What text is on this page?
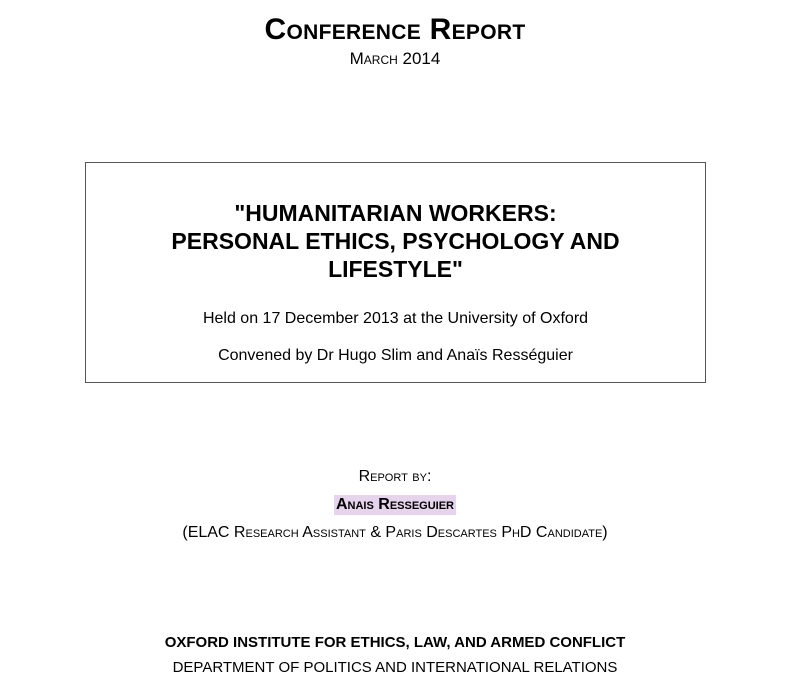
Conference Report
March 2014
"HUMANITARIAN WORKERS:
PERSONAL ETHICS, PSYCHOLOGY AND
LIFESTYLE"
Held on 17 December 2013 at the University of Oxford
Convened by Dr Hugo Slim and Anaïs Rességuier
Report by:
Anais Resseguier
(ELAC Research Assistant & Paris Descartes PhD Candidate)
OXFORD INSTITUTE FOR ETHICS, LAW, AND ARMED CONFLICT
DEPARTMENT OF POLITICS AND INTERNATIONAL RELATIONS
